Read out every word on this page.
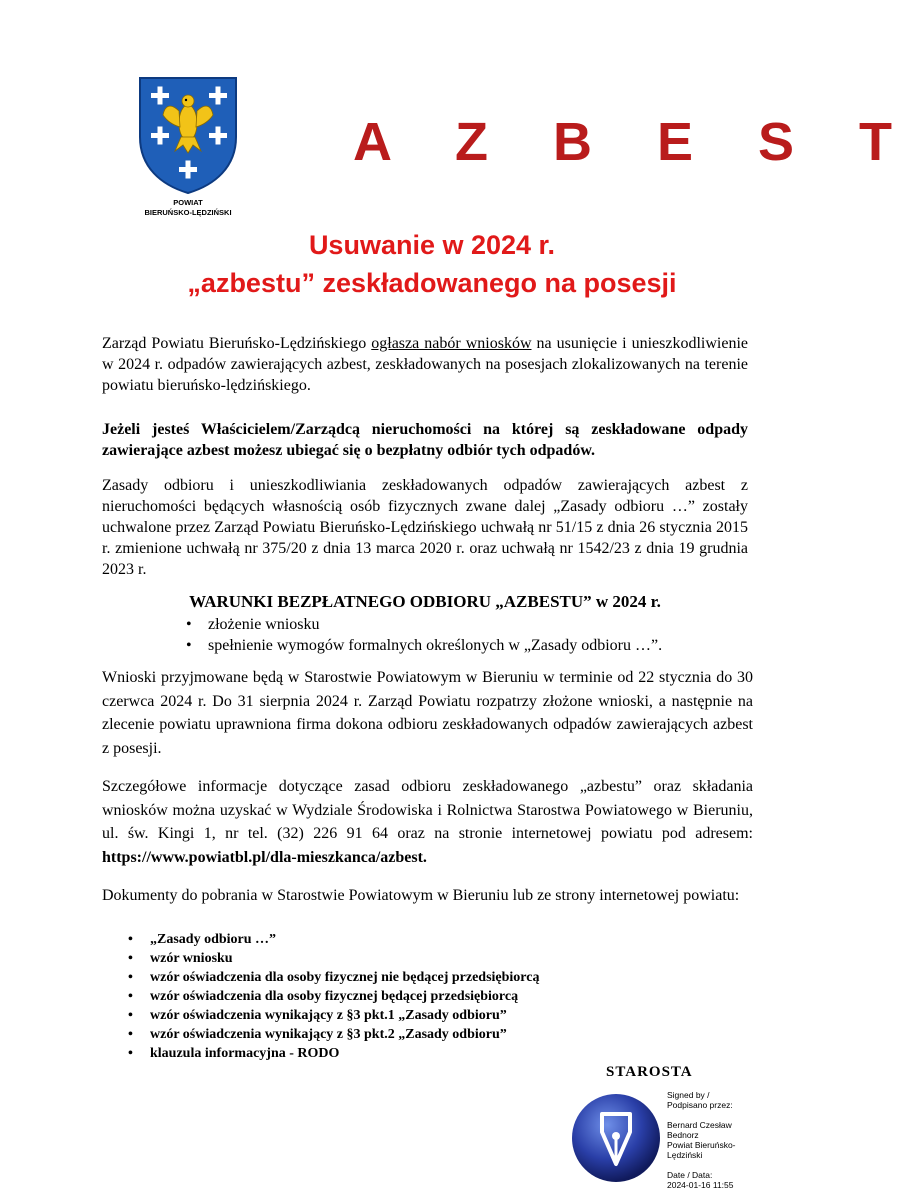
POWIAT
BIERUŃSKO-LĘDZIŃSKI
A Z B E S T
Usuwanie w 2024 r.
„azbestu” zeskładowanego na posesji
Zarząd Powiatu Bieruńsko-Lędzińskiego ogłasza nabór wniosków na usunięcie i unieszkodliwienie w 2024 r. odpadów zawierających azbest, zeskładowanych na posesjach zlokalizowanych na terenie powiatu bieruńsko-lędzińskiego.
Jeżeli jesteś Właścicielem/Zarządcą nieruchomości na której są zeskładowane odpady zawierające azbest możesz ubiegać się o bezpłatny odbiór tych odpadów.
Zasady odbioru i unieszkodliwiania zeskładowanych odpadów zawierających azbest z nieruchomości będących własnością osób fizycznych zwane dalej „Zasady odbioru …” zostały uchwalone przez Zarząd Powiatu Bieruńsko-Lędzińskiego uchwałą nr 51/15 z dnia 26 stycznia 2015 r. zmienione uchwałą nr 375/20 z dnia 13 marca 2020 r. oraz uchwałą nr 1542/23 z dnia 19 grudnia 2023 r.
WARUNKI BEZPŁATNEGO ODBIORU „AZBESTU” w 2024 r.
• złożenie wniosku
• spełnienie wymogów formalnych określonych w „Zasady odbioru …”.
Wnioski przyjmowane będą w Starostwie Powiatowym w Bieruniu w terminie od 22 stycznia do 30 czerwca 2024 r. Do 31 sierpnia 2024 r. Zarząd Powiatu rozpatrzy złożone wnioski, a następnie na zlecenie powiatu uprawniona firma dokona odbioru zeskładowanych odpadów zawierających azbest z posesji.
Szczegółowe informacje dotyczące zasad odbioru zeskładowanego „azbestu” oraz składania wniosków można uzyskać w Wydziale Środowiska i Rolnictwa Starostwa Powiatowego w Bieruniu, ul. św. Kingi 1, nr tel. (32) 226 91 64 oraz na stronie internetowej powiatu pod adresem: https://www.powiatbl.pl/dla-mieszkanca/azbest.
Dokumenty do pobrania w Starostwie Powiatowym w Bieruniu lub ze strony internetowej powiatu:
• „Zasady odbioru …”
• wzór wniosku
• wzór oświadczenia dla osoby fizycznej nie będącej przedsiębiorcą
• wzór oświadczenia dla osoby fizycznej będącej przedsiębiorcą
• wzór oświadczenia wynikający z §3 pkt.1 „Zasady odbioru”
• wzór oświadczenia wynikający z §3 pkt.2 „Zasady odbioru”
• klauzula informacyjna - RODO
STAROSTA
Signed by /
Podpisano przez:
Bernard Czesław
Bednorz
Powiat Bieruńsko-
Lędziński
Date / Data:
2024-01-16 11:55
